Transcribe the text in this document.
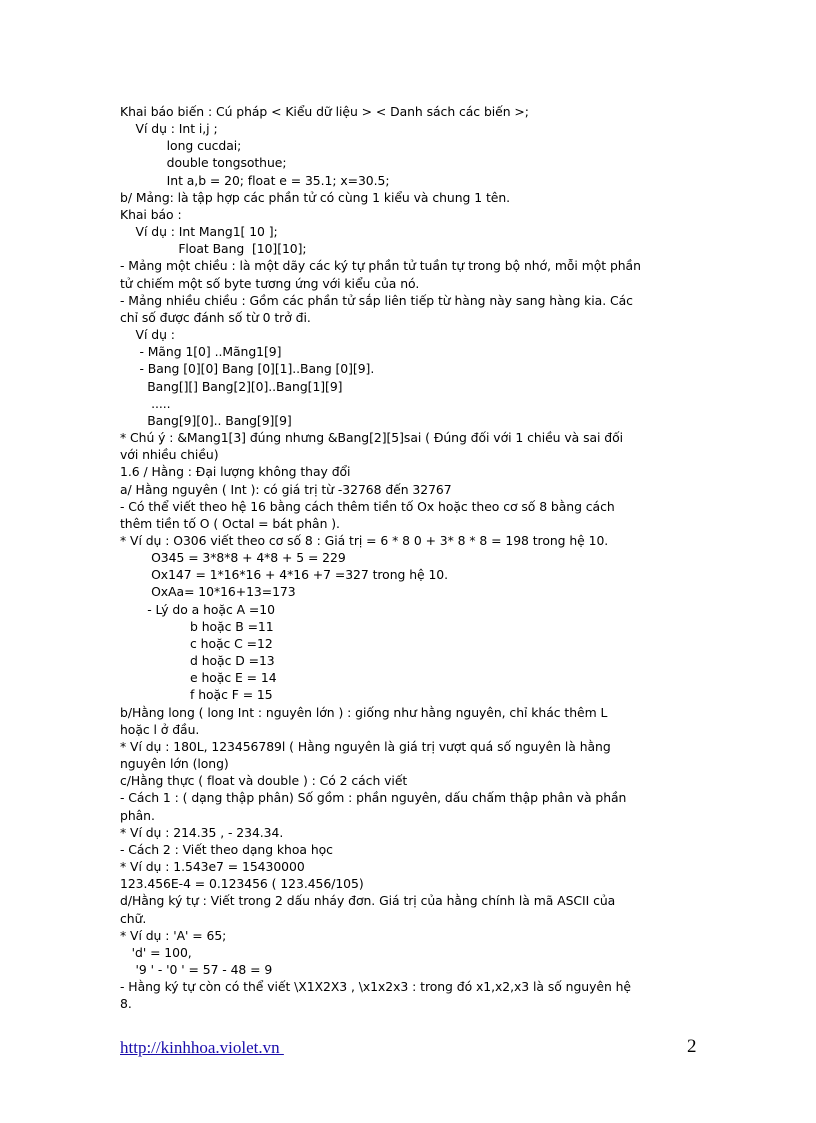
Khai báo biến : Cú pháp < Kiểu dữ liệu > < Danh sách các biến >;
Ví dụ : Int i,j ;
long cucdai;
double tongsothue;
Int a,b = 20; float e = 35.1; x=30.5;
b/ Mảng: là tập hợp các phần tử có cùng 1 kiểu và chung 1 tên.
Khai báo :
Ví dụ : Int Mang1[ 10 ];
Float Bang  [10][10];
- Mảng một chiều : là một dãy các ký tự phần tử tuần tự trong bộ nhớ, mỗi một phần
tử chiếm một số byte tương ứng với kiểu của nó.
- Mảng nhiều chiều : Gồm các phần tử sắp liên tiếp từ hàng này sang hàng kia. Các
chỉ số được đánh số từ 0 trở đi.
Ví dụ :
- Mãng 1[0] ..Mãng1[9]
- Bang [0][0] Bang [0][1]..Bang [0][9].
Bang[][] Bang[2][0]..Bang[1][9]
.....
Bang[9][0].. Bang[9][9]
* Chú ý : &Mang1[3] đúng nhưng &Bang[2][5]sai ( Đúng đối với 1 chiều và sai đối
với nhiều chiều)
1.6 / Hằng : Đại lượng không thay đổi
a/ Hằng nguyên ( Int ): có giá trị từ -32768 đến 32767
- Có thể viết theo hệ 16 bằng cách thêm tiền tố Ox hoặc theo cơ số 8 bằng cách
thêm tiền tố O ( Octal = bát phân ).
* Ví dụ : O306 viết theo cơ số 8 : Giá trị = 6 * 8 0 + 3* 8 * 8 = 198 trong hệ 10.
O345 = 3*8*8 + 4*8 + 5 = 229
Ox147 = 1*16*16 + 4*16 +7 =327 trong hệ 10.
OxAa= 10*16+13=173
- Lý do a hoặc A =10
b hoặc B =11
c hoặc C =12
d hoặc D =13
e hoặc E = 14
f hoặc F = 15
b/Hằng long ( long Int : nguyên lớn ) : giống như hằng nguyên, chỉ khác thêm L
hoặc l ở đầu.
* Ví dụ : 180L, 123456789l ( Hằng nguyên là giá trị vượt quá số nguyên là hằng
nguyên lớn (long)
c/Hằng thực ( float và double ) : Có 2 cách viết
- Cách 1 : ( dạng thập phân) Số gồm : phần nguyên, dấu chấm thập phân và phần
phân.
* Ví dụ : 214.35 , - 234.34.
- Cách 2 : Viết theo dạng khoa học
* Ví dụ : 1.543e7 = 15430000
123.456E-4 = 0.123456 ( 123.456/105)
d/Hằng ký tự : Viết trong 2 dấu nháy đơn. Giá trị của hằng chính là mã ASCII của
chữ.
* Ví dụ : 'A' = 65;
'd' = 100,
'9 ' - '0 ' = 57 - 48 = 9
- Hằng ký tự còn có thể viết \X1X2X3 , \x1x2x3 : trong đó x1,x2,x3 là số nguyên hệ
8.
http://kinhhoa.violet.vn	2
